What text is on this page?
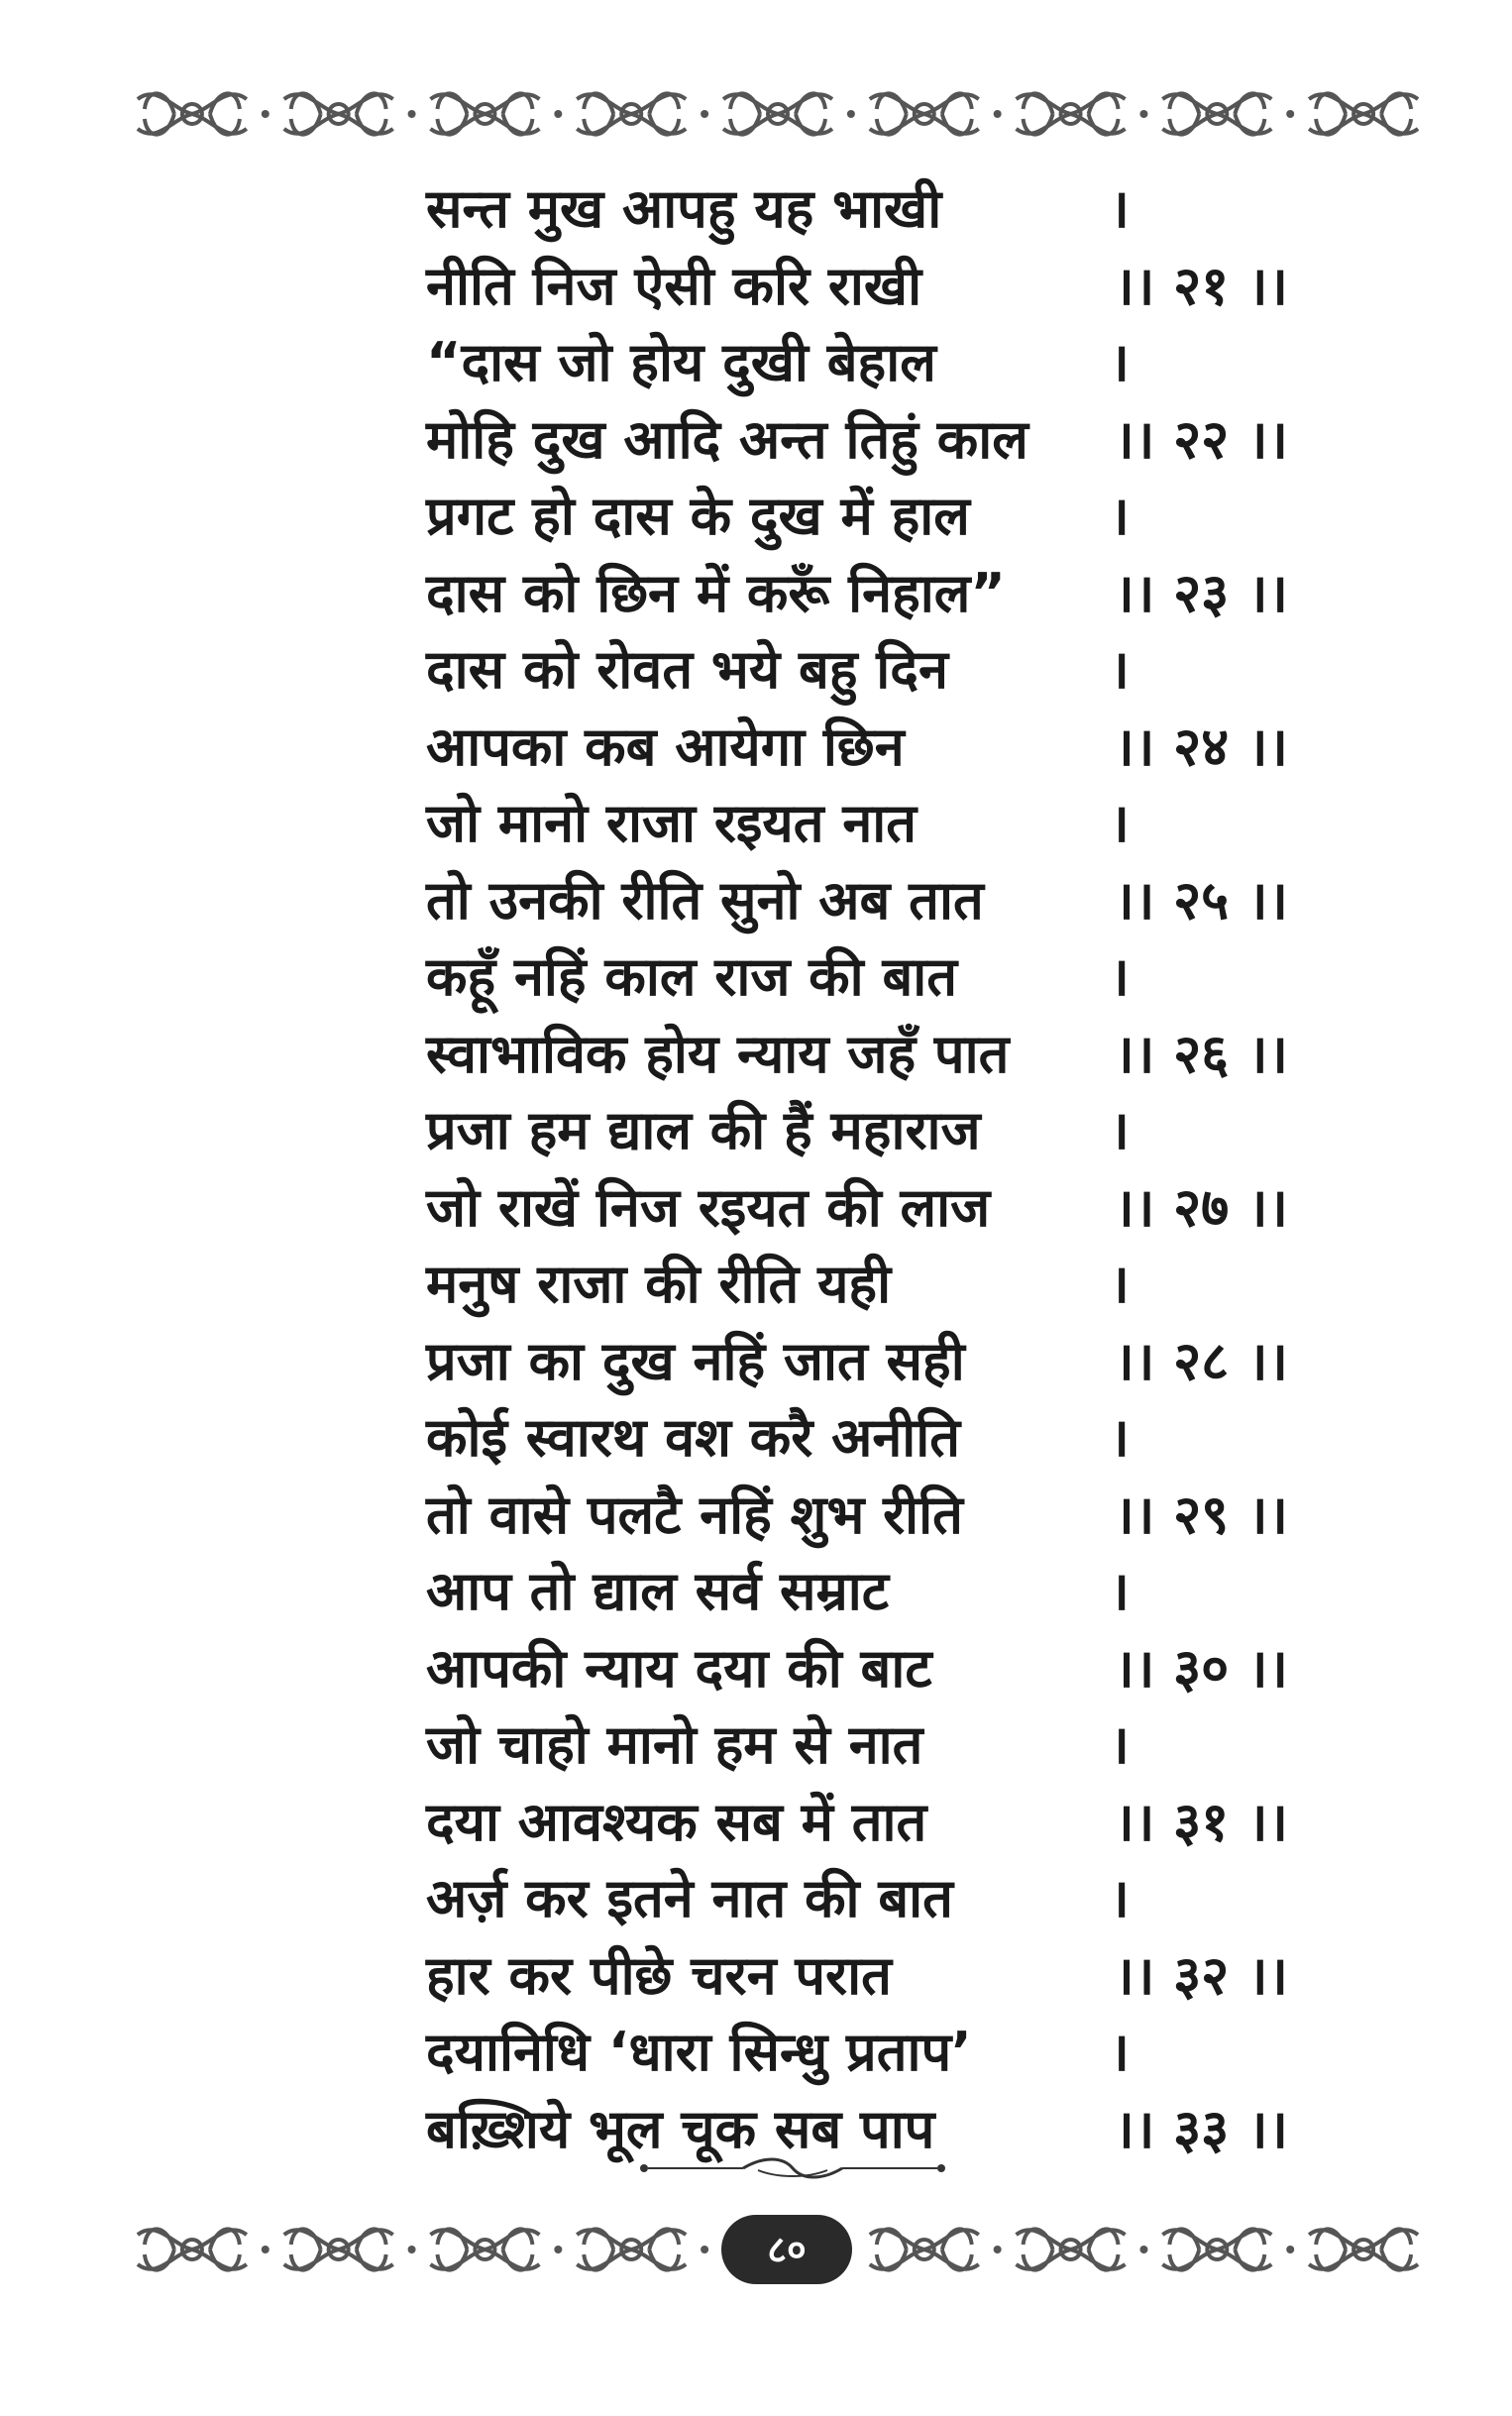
सन्त मुख आपहु यह भाखी	।
नीति निज ऐसी करि राखी	।। २१ ।।
“दास जो होय दुखी बेहाल	।
मोहि दुख आदि अन्त तिहुं काल ।। २२ ।।
प्रगट हो दास के दुख में हाल	।
दास को छिन में करूँ निहाल” ।। २३ ।।
दास को रोवत भये बहु दिन	।
आपका कब आयेगा छिन	।। २४ ।।
जो मानो राजा रइयत नात	।
तो उनकी रीति सुनो अब तात ।। २५ ।।
कहूँ नहिं काल राज की बात	।
स्वाभाविक होय न्याय जहँ पात ।। २६ ।।
प्रजा हम द्याल की हैं महाराज ।
जो राखें निज रइयत की लाज ।। २७ ।।
मनुष राजा की रीति यही	।
प्रजा का दुख नहिं जात सही	।। २८ ।।
कोई स्वारथ वश करै अनीति	।
तो वासे पलटै नहिं शुभ रीति	।। २९ ।।
आप तो द्याल सर्व सम्राट	।
आपकी न्याय दया की बाट	।। ३० ।।
जो चाहो मानो हम से नात	।
दया आवश्यक सब में तात	।। ३१ ।।
अर्ज़ कर इतने नात की बात	।
हार कर पीछे चरन परात	।। ३२ ।।
दयानिधि ‘धारा सिन्धु प्रताप’	।
बख़्शिये भूल चूक सब पाप	।। ३३ ।।
८०
